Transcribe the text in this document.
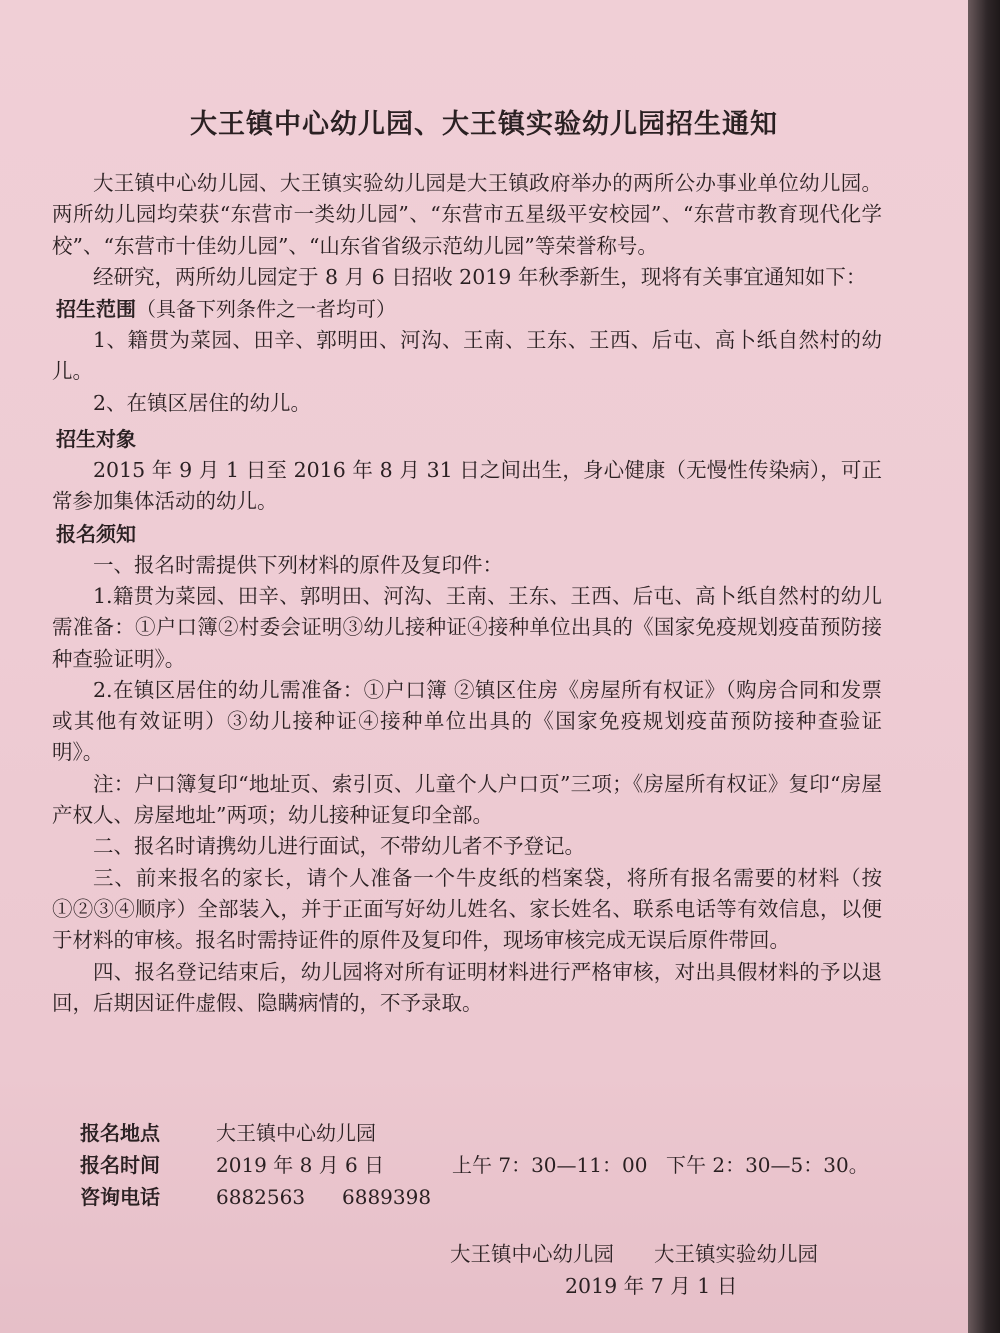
大王镇中心幼儿园、大王镇实验幼儿园招生通知

大王镇中心幼儿园、大王镇实验幼儿园是大王镇政府举办的两所公办事业单位幼儿园。两所幼儿园均荣获“东营市一类幼儿园”、“东营市五星级平安校园”、“东营市教育现代化学校”、“东营市十佳幼儿园”、“山东省省级示范幼儿园”等荣誉称号。

经研究，两所幼儿园定于 8 月 6 日招收 2019 年秋季新生，现将有关事宜通知如下：

招生范围（具备下列条件之一者均可）

1、籍贯为菜园、田辛、郭明田、河沟、王南、王东、王西、后屯、高卜纸自然村的幼儿。

2、在镇区居住的幼儿。

招生对象

2015 年 9 月 1 日至 2016 年 8 月 31 日之间出生，身心健康（无慢性传染病），可正常参加集体活动的幼儿。

报名须知

一、报名时需提供下列材料的原件及复印件：

1.籍贯为菜园、田辛、郭明田、河沟、王南、王东、王西、后屯、高卜纸自然村的幼儿需准备：①户口簿②村委会证明③幼儿接种证④接种单位出具的《国家免疫规划疫苗预防接种查验证明》。

2.在镇区居住的幼儿需准备：①户口簿 ②镇区住房《房屋所有权证》（购房合同和发票或其他有效证明）③幼儿接种证④接种单位出具的《国家免疫规划疫苗预防接种查验证明》。

注：户口簿复印“地址页、索引页、儿童个人户口页”三项；《房屋所有权证》复印“房屋产权人、房屋地址”两项；幼儿接种证复印全部。

二、报名时请携幼儿进行面试，不带幼儿者不予登记。

三、前来报名的家长，请个人准备一个牛皮纸的档案袋，将所有报名需要的材料（按①②③④顺序）全部装入，并于正面写好幼儿姓名、家长姓名、联系电话等有效信息，以便于材料的审核。报名时需持证件的原件及复印件，现场审核完成无误后原件带回。

四、报名登记结束后，幼儿园将对所有证明材料进行严格审核，对出具假材料的予以退回，后期因证件虚假、隐瞒病情的，不予录取。

报名地点	大王镇中心幼儿园
报名时间	2019 年 8 月 6 日	上午 7：30—11：00 下午 2：30—5：30。
咨询电话	6882563 6889398
大王镇中心幼儿园 大王镇实验幼儿园
2019 年 7 月 1 日
